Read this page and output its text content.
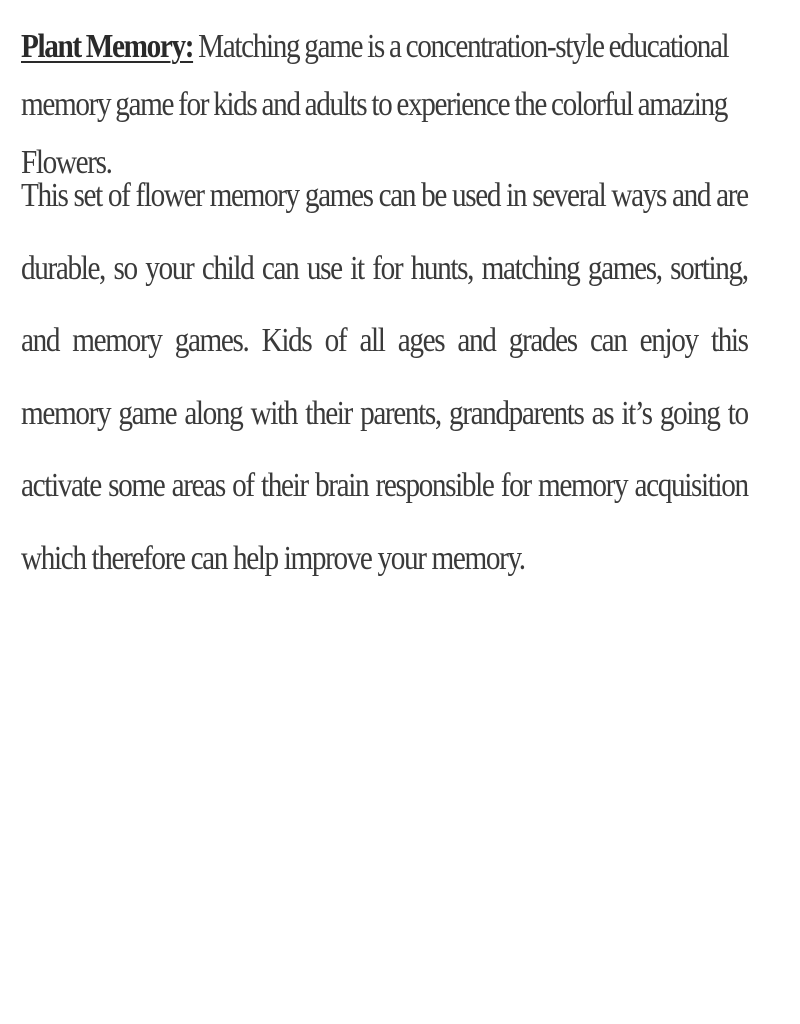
Plant Memory: Matching game is a concentration-style educational memory game for kids and adults to experience the colorful amazing Flowers.

This set of flower memory games can be used in several ways and are durable, so your child can use it for hunts, matching games, sorting, and memory games. Kids of all ages and grades can enjoy this memory game along with their parents, grandparents as it’s going to activate some areas of their brain responsible for memory acquisition which therefore can help improve your memory.
